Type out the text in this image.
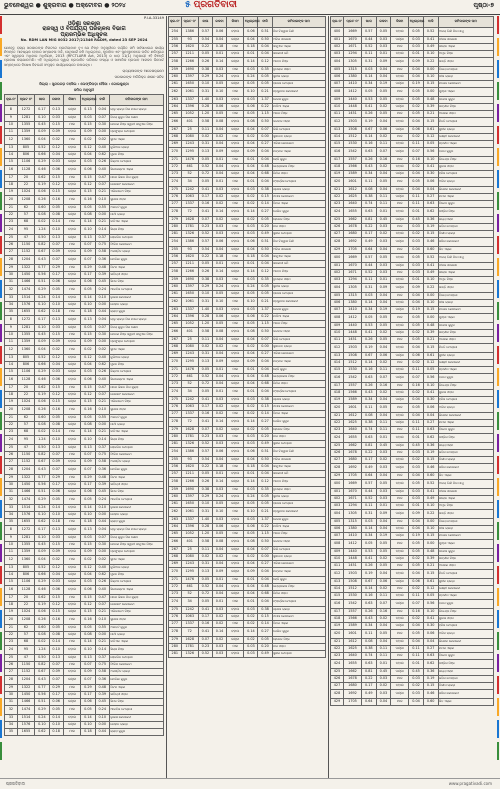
ଭୁବନେଶ୍ୱର ● ଶୁକ୍ରବାର ● ଅକ୍ଟୋବର ● ୨୦୨୪	୫ ପ୍ରଗତିବାଦୀ	ପୃଷ୍ଠା-୭
P.I.A-33149
ଓଡ଼ିଶା ସରକାର
ରାଜସ୍ୱ ଓ ବିପର୍ଯ୍ୟୟ ପରିଚାଳନା ବିଭାଗ
ପ୍ରାରମ୍ଭିକ ଅଧିସୂଚନା
No. RDM LAN MIG 0032 2017/21346 R&DM, dated 23 SEP 2024
ଯେହେତୁ ରାଜ୍ୟ ସରକାରଙ୍କ ନିକଟରେ ପ୍ରତୀୟମାନ ହୁଏ ଯେ ନିମ୍ନ ଅନୁସୂଚୀରେ ବର୍ଣ୍ଣିତ ଜମି ସର୍ବସାଧାରଣ କାର୍ଯ୍ୟ ନିମନ୍ତେ ଆବଶ୍ୟକ ହେବାର ସମ୍ଭାବନା ଅଛି, ସେଥିପାଇଁ ଜମି ଅଧିଗ୍ରହଣ, ପୁନର୍ବାସ ଏବଂ ପୁନଃସ୍ଥାପନରେ ଉଚିତ କ୍ଷତିପୂରଣ ଏବଂ ସ୍ୱଚ୍ଛତା ଅଧିକାର ଅଧିନିୟମ, 2013 (RFCTLARR Act, 2013) ର ଧାରା 11(1) ଅନୁଯାୟୀ ଏହି ବିଜ୍ଞପ୍ତି ପ୍ରକାଶ କରାଯାଉଅଛି। ଏହି ଅଧିଗ୍ରହଣ ଦ୍ୱାରା ପ୍ରଭାବିତ ପରିବାର ସଂଖ୍ୟା ଓ ସାମାଜିକ ପ୍ରଭାବ ଆକଳନ ରିପୋର୍ଟ ସମ୍ବନ୍ଧରେ ବିଶେଷ ବିବରଣୀ ସଂପୃକ୍ତ କାର୍ଯ୍ୟାଳୟରେ ଉପଲବ୍ଧ।
ରାଜ୍ୟପାଳଙ୍କ ଆଦେଶକ୍ରମେ
ସରକାରଙ୍କ ଅତିରିକ୍ତ ଶାସନ ସଚିବ
ଜିଲ୍ଲା : ସୁନ୍ଦରଗଡ଼ ତହସିଲ : ଲେଫ୍ରିପଡ଼ା ମୌଜା : ଗୋଲକୁଣ୍ଡା
ଜମିର ଅନୁସୂଚୀ
କ୍ର.ନଂ	ପ୍ଲଟ ନଂ	ଖାତା	ରକବା	କିସମ	ଅଧିଗ୍ରହଣ	ବାକି	ଜମିଦାରଙ୍କ ନାମ
8	1272	0.17	0.13	ଦଣ୍ଡା	0.13	0.04	ଲାଲୁ ଲାକଡ଼ା ପିତା ମାଗେ ଲାକଡ଼ା
9	1281	0.10	0.03	ଦଣ୍ଡା	0.03	0.07	ବିଜୟ କୁଜୁର ପିତା ସୋମା
10	1355	0.45	0.15	ମାଳ	0.15	0.30	ମେନକା ମିଞ୍ଜ ସ୍ୱାମୀ ସାମୁଏଲ ମିଞ୍ଜ
11	1359	0.09	0.09	ବହାଲ	0.09	0.00	ପ୍ରଫୁଲ୍ଲ ଟୋପ୍ପୋ
12	1360	0.04	0.02	ମାଳ	0.02	0.02	ସୁମନ ଏକ୍କା
13	805	0.52	0.12	ବହାଲ	0.12	0.40	ଜୁଲିଆନା ଲାକଡ଼ା
14	806	0.66	0.04	ଦଣ୍ଡା	0.04	0.62	ପୁରନ ମିଞ୍ଜ
15	1106	0.29	0.03	ଦଣ୍ଡା	0.03	0.26	ଭିକ୍ଟର ଟୋପ୍ପୋ
16	1128	0.46	0.06	ବହାଲ	0.06	0.40	ସିଲଭେସ୍ଟର ଏକ୍କା
17	20	0.62	0.15	ମାଳ	0.15	0.47	ମାଘେ କିସାନ ପିତା ଶୁକ୍ରା
18	22	0.19	0.12	ବହାଲ	0.12	0.07	ଜୋସେଫ କେରକେଟା
19	1024	0.06	0.15	ଦଣ୍ଡା	0.15	0.21	ଏଲିଜାବେଥ ମିଞ୍ଜ
20	1208	0.26	0.16	ମାଳ	0.16	0.10	ସୁରେଶ ଓରାମ
21	62	0.60	0.05	ବହାଲ	0.05	0.55	ଅଲବର୍ଟ କୁଜୁର
22	57	0.08	0.08	ଦଣ୍ଡା	0.08	0.00	ମାର୍ଥା ଲାକଡ଼ା
23	68	0.02	0.14	ମାଳ	0.14	0.21	ଦାନିଏଲ ଏକ୍କା
24	95	1.24	0.10	ବହାଲ	0.10	0.14	ସିଲାସ ମିଞ୍ଜ
25	47	0.50	0.13	ଦଣ୍ଡା	0.13	0.37	ରୋଜଲିନ ଟୋପ୍ପୋ
26	1150	0.82	0.07	ମାଳ	0.07	0.75	ଫିଲିପ କେରକେଟା
27	1152	0.67	0.09	ବହାଲ	0.09	0.58	ଅଗଷ୍ଟିନ ଲାକଡ଼ା
28	1204	0.43	0.07	ଦଣ୍ଡା	0.07	0.36	ମୋନିକା କୁଜୁର
29	1322	0.77	0.29	ମାଳ	0.29	0.48	ପିଟର ଏକ୍କା
30	1450	0.56	0.17	ବହାଲ	0.17	0.39	ସାବିତ୍ରୀ ଓରାମ
31	1466	0.51	0.06	ଦଣ୍ଡା	0.06	0.45	ସିମନ ମିଞ୍ଜ
32	1474	0.29	0.05	ମାଳ	0.05	0.24	ଆଲବିନା ଟୋପ୍ପୋ
33	1514	0.24	0.14	ବହାଲ	0.14	0.10	ଲୁକାସ କେରକେଟା
34	1576	0.10	0.10	ଦଣ୍ଡା	0.10	0.00	ଜୋହାନ ଲାକଡ଼ା
35	1655	0.62	0.18	ମାଳ	0.18	0.44	କ୍ଲାରା କୁଜୁର
8	1272	0.17	0.13	ଦଣ୍ଡା	0.13	0.04	ଲାଲୁ ଲାକଡ଼ା ପିତା ମାଗେ ଲାକଡ଼ା
9	1281	0.10	0.03	ଦଣ୍ଡା	0.03	0.07	ବିଜୟ କୁଜୁର ପିତା ସୋମା
10	1355	0.45	0.15	ମାଳ	0.15	0.30	ମେନକା ମିଞ୍ଜ ସ୍ୱାମୀ ସାମୁଏଲ ମିଞ୍ଜ
11	1359	0.09	0.09	ବହାଲ	0.09	0.00	ପ୍ରଫୁଲ୍ଲ ଟୋପ୍ପୋ
12	1360	0.04	0.02	ମାଳ	0.02	0.02	ସୁମନ ଏକ୍କା
13	805	0.52	0.12	ବହାଲ	0.12	0.40	ଜୁଲିଆନା ଲାକଡ଼ା
14	806	0.66	0.04	ଦଣ୍ଡା	0.04	0.62	ପୁରନ ମିଞ୍ଜ
15	1106	0.29	0.03	ଦଣ୍ଡା	0.03	0.26	ଭିକ୍ଟର ଟୋପ୍ପୋ
16	1128	0.46	0.06	ବହାଲ	0.06	0.40	ସିଲଭେସ୍ଟର ଏକ୍କା
17	20	0.62	0.15	ମାଳ	0.15	0.47	ମାଘେ କିସାନ ପିତା ଶୁକ୍ରା
18	22	0.19	0.12	ବହାଲ	0.12	0.07	ଜୋସେଫ କେରକେଟା
19	1024	0.06	0.15	ଦଣ୍ଡା	0.15	0.21	ଏଲିଜାବେଥ ମିଞ୍ଜ
20	1208	0.26	0.16	ମାଳ	0.16	0.10	ସୁରେଶ ଓରାମ
21	62	0.60	0.05	ବହାଲ	0.05	0.55	ଅଲବର୍ଟ କୁଜୁର
22	57	0.08	0.08	ଦଣ୍ଡା	0.08	0.00	ମାର୍ଥା ଲାକଡ଼ା
23	68	0.02	0.14	ମାଳ	0.14	0.21	ଦାନିଏଲ ଏକ୍କା
24	95	1.24	0.10	ବହାଲ	0.10	0.14	ସିଲାସ ମିଞ୍ଜ
25	47	0.50	0.13	ଦଣ୍ଡା	0.13	0.37	ରୋଜଲିନ ଟୋପ୍ପୋ
26	1150	0.82	0.07	ମାଳ	0.07	0.75	ଫିଲିପ କେରକେଟା
27	1152	0.67	0.09	ବହାଲ	0.09	0.58	ଅଗଷ୍ଟିନ ଲାକଡ଼ା
28	1204	0.43	0.07	ଦଣ୍ଡା	0.07	0.36	ମୋନିକା କୁଜୁର
29	1322	0.77	0.29	ମାଳ	0.29	0.48	ପିଟର ଏକ୍କା
30	1450	0.56	0.17	ବହାଲ	0.17	0.39	ସାବିତ୍ରୀ ଓରାମ
31	1466	0.51	0.06	ଦଣ୍ଡା	0.06	0.45	ସିମନ ମିଞ୍ଜ
32	1474	0.29	0.05	ମାଳ	0.05	0.24	ଆଲବିନା ଟୋପ୍ପୋ
33	1514	0.24	0.14	ବହାଲ	0.14	0.10	ଲୁକାସ କେରକେଟା
34	1576	0.10	0.10	ଦଣ୍ଡା	0.10	0.00	ଜୋହାନ ଲାକଡ଼ା
35	1655	0.62	0.18	ମାଳ	0.18	0.44	କ୍ଲାରା କୁଜୁର
8	1272	0.17	0.13	ଦଣ୍ଡା	0.13	0.04	ଲାଲୁ ଲାକଡ଼ା ପିତା ମାଗେ ଲାକଡ଼ା
9	1281	0.10	0.03	ଦଣ୍ଡା	0.03	0.07	ବିଜୟ କୁଜୁର ପିତା ସୋମା
10	1355	0.45	0.15	ମାଳ	0.15	0.30	ମେନକା ମିଞ୍ଜ ସ୍ୱାମୀ ସାମୁଏଲ ମିଞ୍ଜ
11	1359	0.09	0.09	ବହାଲ	0.09	0.00	ପ୍ରଫୁଲ୍ଲ ଟୋପ୍ପୋ
12	1360	0.04	0.02	ମାଳ	0.02	0.02	ସୁମନ ଏକ୍କା
13	805	0.52	0.12	ବହାଲ	0.12	0.40	ଜୁଲିଆନା ଲାକଡ଼ା
14	806	0.66	0.04	ଦଣ୍ଡା	0.04	0.62	ପୁରନ ମିଞ୍ଜ
15	1106	0.29	0.03	ଦଣ୍ଡା	0.03	0.26	ଭିକ୍ଟର ଟୋପ୍ପୋ
16	1128	0.46	0.06	ବହାଲ	0.06	0.40	ସିଲଭେସ୍ଟର ଏକ୍କା
17	20	0.62	0.15	ମାଳ	0.15	0.47	ମାଘେ କିସାନ ପିତା ଶୁକ୍ରା
18	22	0.19	0.12	ବହାଲ	0.12	0.07	ଜୋସେଫ କେରକେଟା
19	1024	0.06	0.15	ଦଣ୍ଡା	0.15	0.21	ଏଲିଜାବେଥ ମିଞ୍ଜ
20	1208	0.26	0.16	ମାଳ	0.16	0.10	ସୁରେଶ ଓରାମ
21	62	0.60	0.05	ବହାଲ	0.05	0.55	ଅଲବର୍ଟ କୁଜୁର
22	57	0.08	0.08	ଦଣ୍ଡା	0.08	0.00	ମାର୍ଥା ଲାକଡ଼ା
23	68	0.02	0.14	ମାଳ	0.14	0.21	ଦାନିଏଲ ଏକ୍କା
24	95	1.24	0.10	ବହାଲ	0.10	0.14	ସିଲାସ ମିଞ୍ଜ
25	47	0.50	0.13	ଦଣ୍ଡା	0.13	0.37	ରୋଜଲିନ ଟୋପ୍ପୋ
26	1150	0.82	0.07	ମାଳ	0.07	0.75	ଫିଲିପ କେରକେଟା
27	1152	0.67	0.09	ବହାଲ	0.09	0.58	ଅଗଷ୍ଟିନ ଲାକଡ଼ା
28	1204	0.43	0.07	ଦଣ୍ଡା	0.07	0.36	ମୋନିକା କୁଜୁର
29	1322	0.77	0.29	ମାଳ	0.29	0.48	ପିଟର ଏକ୍କା
30	1450	0.56	0.17	ବହାଲ	0.17	0.39	ସାବିତ୍ରୀ ଓରାମ
31	1466	0.51	0.06	ଦଣ୍ଡା	0.06	0.45	ସିମନ ମିଞ୍ଜ
32	1474	0.29	0.05	ମାଳ	0.05	0.24	ଆଲବିନା ଟୋପ୍ପୋ
33	1514	0.24	0.14	ବହାଲ	0.14	0.10	ଲୁକାସ କେରକେଟା
34	1576	0.10	0.10	ଦଣ୍ଡା	0.10	0.00	ଜୋହାନ ଲାକଡ଼ା
35	1655	0.62	0.18	ମାଳ	0.18	0.44	କ୍ଲାରା କୁଜୁର
କ୍ର.ନଂ	ପ୍ଲଟ ନଂ	ଖାତା	ରକବା	କିସମ	ଅଧିଗ୍ରହଣ	ବାକି	ଜମିଦାରଙ୍କ ନାମ
254	1386	0.57	0.06	ବହାଲ	0.06	0.51	ପିତା ବିଶ୍ୱାସ ତିର୍କୀ
255	93	0.54	0.04	ଦଣ୍ଡା	0.04	0.50	ଅନିଲ ଖାଲଖୋ
256	1620	0.22	0.18	ମାଳ	0.18	0.04	ସାମୁଏଲ ଏକ୍କା
257	1211	0.05	0.01	ବହାଲ	0.01	0.04	ସରକାରୀ ଜମି
258	1266	0.26	0.14	ଦଣ୍ଡା	0.14	0.12	ଅବେଦ ମିଞ୍ଜ
259	1690	0.38	0.03	ମାଳ	0.03	0.35	ରୂପଲାଲ ଓରାମ
260	1397	0.29	0.24	ବହାଲ	0.24	0.05	ସୁନୀତା ଲାକଡ଼ା
261	1650	0.10	0.05	ଦଣ୍ଡା	0.05	0.05	ରାଜେଶ ଟୋପ୍ପୋ
262	1061	0.31	0.10	ମାଳ	0.10	0.21	ପ୍ରଭୁଦାନ କେରକେଟା
263	1337	1.40	0.03	ବହାଲ	0.03	1.37	ଜେମସ କୁଜୁର
264	1396	0.28	0.06	ଦଣ୍ଡା	0.06	0.22	ମାରିଆ ଏକ୍କା
265	1052	1.20	0.05	ମାଳ	0.05	1.15	ଆନନ୍ଦ ମିଞ୍ଜ
266	401	0.58	0.08	ବହାଲ	0.08	0.50	ଭଗବାନ ଓରାମ
267	25	0.11	0.04	ଦଣ୍ଡା	0.04	0.07	ଲିଲି ଟୋପ୍ପୋ
268	1080	0.02	0.02	ମାଳ	0.02	0.00	ସୁଖଦେବ ଲାକଡ଼ା
269	1243	0.31	0.04	ବହାଲ	0.04	0.27	ଏଲିସା କେରକେଟା
270	1295	0.13	0.09	ଦଣ୍ଡା	0.09	0.04	ମଙ୍ଗଲ ଏକ୍କା
271	1476	0.05	0.01	ମାଳ	0.01	0.04	ରୋଜି କୁଜୁର
272	461	0.52	0.04	ବହାଲ	0.04	0.48	ଜୟପ୍ରକାଶ ମିଞ୍ଜ
273	52	0.72	0.04	ଦଣ୍ଡା	0.04	0.68	ନିର୍ମଳା ଓରାମ
274	34	0.05	0.01	ମାଳ	0.01	0.04	ଫ୍ରାନ୍ସିସ ଟୋପ୍ପୋ
275	1242	0.41	0.03	ବହାଲ	0.03	0.38	ଗ୍ରେସ ଲାକଡ଼ା
276	1063	0.17	0.02	ଦଣ୍ଡା	0.02	0.15	ଥମାସ କେରକେଟା
277	1337	0.16	0.02	ମାଳ	0.02	0.14	ବିମଳା ଏକ୍କା
278	72	0.41	0.14	ବହାଲ	0.14	0.27	ଡେଭିଡ କୁଜୁର
279	1628	0.07	0.02	ଦଣ୍ଡା	0.02	0.05	ହେଲେନ ମିଞ୍ଜ
280	1781	0.23	0.03	ମାଳ	0.03	0.20	ପଲ ଓରାମ
281	1326	0.52	0.03	ବହାଲ	0.03	0.49	ସୁସାନା ଟୋପ୍ପୋ
254	1386	0.57	0.06	ବହାଲ	0.06	0.51	ପିତା ବିଶ୍ୱାସ ତିର୍କୀ
255	93	0.54	0.04	ଦଣ୍ଡା	0.04	0.50	ଅନିଲ ଖାଲଖୋ
256	1620	0.22	0.18	ମାଳ	0.18	0.04	ସାମୁଏଲ ଏକ୍କା
257	1211	0.05	0.01	ବହାଲ	0.01	0.04	ସରକାରୀ ଜମି
258	1266	0.26	0.14	ଦଣ୍ଡା	0.14	0.12	ଅବେଦ ମିଞ୍ଜ
259	1690	0.38	0.03	ମାଳ	0.03	0.35	ରୂପଲାଲ ଓରାମ
260	1397	0.29	0.24	ବହାଲ	0.24	0.05	ସୁନୀତା ଲାକଡ଼ା
261	1650	0.10	0.05	ଦଣ୍ଡା	0.05	0.05	ରାଜେଶ ଟୋପ୍ପୋ
262	1061	0.31	0.10	ମାଳ	0.10	0.21	ପ୍ରଭୁଦାନ କେରକେଟା
263	1337	1.40	0.03	ବହାଲ	0.03	1.37	ଜେମସ କୁଜୁର
264	1396	0.28	0.06	ଦଣ୍ଡା	0.06	0.22	ମାରିଆ ଏକ୍କା
265	1052	1.20	0.05	ମାଳ	0.05	1.15	ଆନନ୍ଦ ମିଞ୍ଜ
266	401	0.58	0.08	ବହାଲ	0.08	0.50	ଭଗବାନ ଓରାମ
267	25	0.11	0.04	ଦଣ୍ଡା	0.04	0.07	ଲିଲି ଟୋପ୍ପୋ
268	1080	0.02	0.02	ମାଳ	0.02	0.00	ସୁଖଦେବ ଲାକଡ଼ା
269	1243	0.31	0.04	ବହାଲ	0.04	0.27	ଏଲିସା କେରକେଟା
270	1295	0.13	0.09	ଦଣ୍ଡା	0.09	0.04	ମଙ୍ଗଲ ଏକ୍କା
271	1476	0.05	0.01	ମାଳ	0.01	0.04	ରୋଜି କୁଜୁର
272	461	0.52	0.04	ବହାଲ	0.04	0.48	ଜୟପ୍ରକାଶ ମିଞ୍ଜ
273	52	0.72	0.04	ଦଣ୍ଡା	0.04	0.68	ନିର୍ମଳା ଓରାମ
274	34	0.05	0.01	ମାଳ	0.01	0.04	ଫ୍ରାନ୍ସିସ ଟୋପ୍ପୋ
275	1242	0.41	0.03	ବହାଲ	0.03	0.38	ଗ୍ରେସ ଲାକଡ଼ା
276	1063	0.17	0.02	ଦଣ୍ଡା	0.02	0.15	ଥମାସ କେରକେଟା
277	1337	0.16	0.02	ମାଳ	0.02	0.14	ବିମଳା ଏକ୍କା
278	72	0.41	0.14	ବହାଲ	0.14	0.27	ଡେଭିଡ କୁଜୁର
279	1628	0.07	0.02	ଦଣ୍ଡା	0.02	0.05	ହେଲେନ ମିଞ୍ଜ
280	1781	0.23	0.03	ମାଳ	0.03	0.20	ପଲ ଓରାମ
281	1326	0.52	0.03	ବହାଲ	0.03	0.49	ସୁସାନା ଟୋପ୍ପୋ
254	1386	0.57	0.06	ବହାଲ	0.06	0.51	ପିତା ବିଶ୍ୱାସ ତିର୍କୀ
255	93	0.54	0.04	ଦଣ୍ଡା	0.04	0.50	ଅନିଲ ଖାଲଖୋ
256	1620	0.22	0.18	ମାଳ	0.18	0.04	ସାମୁଏଲ ଏକ୍କା
257	1211	0.05	0.01	ବହାଲ	0.01	0.04	ସରକାରୀ ଜମି
258	1266	0.26	0.14	ଦଣ୍ଡା	0.14	0.12	ଅବେଦ ମିଞ୍ଜ
259	1690	0.38	0.03	ମାଳ	0.03	0.35	ରୂପଲାଲ ଓରାମ
260	1397	0.29	0.24	ବହାଲ	0.24	0.05	ସୁନୀତା ଲାକଡ଼ା
261	1650	0.10	0.05	ଦଣ୍ଡା	0.05	0.05	ରାଜେଶ ଟୋପ୍ପୋ
262	1061	0.31	0.10	ମାଳ	0.10	0.21	ପ୍ରଭୁଦାନ କେରକେଟା
263	1337	1.40	0.03	ବହାଲ	0.03	1.37	ଜେମସ କୁଜୁର
264	1396	0.28	0.06	ଦଣ୍ଡା	0.06	0.22	ମାରିଆ ଏକ୍କା
265	1052	1.20	0.05	ମାଳ	0.05	1.15	ଆନନ୍ଦ ମିଞ୍ଜ
266	401	0.58	0.08	ବହାଲ	0.08	0.50	ଭଗବାନ ଓରାମ
267	25	0.11	0.04	ଦଣ୍ଡା	0.04	0.07	ଲିଲି ଟୋପ୍ପୋ
268	1080	0.02	0.02	ମାଳ	0.02	0.00	ସୁଖଦେବ ଲାକଡ଼ା
269	1243	0.31	0.04	ବହାଲ	0.04	0.27	ଏଲିସା କେରକେଟା
270	1295	0.13	0.09	ଦଣ୍ଡା	0.09	0.04	ମଙ୍ଗଲ ଏକ୍କା
271	1476	0.05	0.01	ମାଳ	0.01	0.04	ରୋଜି କୁଜୁର
272	461	0.52	0.04	ବହାଲ	0.04	0.48	ଜୟପ୍ରକାଶ ମିଞ୍ଜ
273	52	0.72	0.04	ଦଣ୍ଡା	0.04	0.68	ନିର୍ମଳା ଓରାମ
274	34	0.05	0.01	ମାଳ	0.01	0.04	ଫ୍ରାନ୍ସିସ ଟୋପ୍ପୋ
275	1242	0.41	0.03	ବହାଲ	0.03	0.38	ଗ୍ରେସ ଲାକଡ଼ା
276	1063	0.17	0.02	ଦଣ୍ଡା	0.02	0.15	ଥମାସ କେରକେଟା
277	1337	0.16	0.02	ମାଳ	0.02	0.14	ବିମଳା ଏକ୍କା
278	72	0.41	0.14	ବହାଲ	0.14	0.27	ଡେଭିଡ କୁଜୁର
279	1628	0.07	0.02	ଦଣ୍ଡା	0.02	0.05	ହେଲେନ ମିଞ୍ଜ
280	1781	0.23	0.03	ମାଳ	0.03	0.20	ପଲ ଓରାମ
281	1326	0.52	0.03	ବହାଲ	0.03	0.49	ସୁସାନା ଟୋପ୍ପୋ
କ୍ର.ନଂ	ପ୍ଲଟ ନଂ	ଖାତା	ରକବା	କିସମ	ଅଧିଗ୍ରହଣ	ବାକି	ଜମିଦାରଙ୍କ ନାମ
400	1669	0.57	0.05	ବହାଲ	0.05	0.52	ଅଜୟ ତିର୍କୀ ପିତା ମାଗୁ
401	1670	0.44	0.03	ଦଣ୍ଡା	0.03	0.41	ଦୀପକ ଖାଲଖୋ
402	1671	0.52	0.03	ମାଳ	0.03	0.49	ସରୋଜ ଏକ୍କା
403	1294	0.11	0.01	ବହାଲ	0.01	0.10	ଅମୃତ ମିଞ୍ଜ
404	1305	0.31	0.09	ଦଣ୍ଡା	0.09	0.22	ଶାନ୍ତି ଓରାମ
405	1315	0.03	0.04	ମାଳ	0.04	0.00	ବିଜୟ ଟୋପ୍ପୋ
406	1380	0.14	0.04	ବହାଲ	0.04	0.10	ରୀତା ଲାକଡ଼ା
407	1410	0.34	0.19	ଦଣ୍ଡା	0.19	0.15	ମନୋଜ କେରକେଟା
408	1412	0.05	0.05	ମାଳ	0.05	0.00	ପୁଷ୍ପା ଏକ୍କା
409	1440	0.53	0.05	ବହାଲ	0.05	0.48	ରମେଶ କୁଜୁର
410	1448	0.41	0.02	ଦଣ୍ଡା	0.02	0.39	ସଙ୍ଗୀତା ମିଞ୍ଜ
411	1451	0.26	0.05	ମାଳ	0.05	0.21	ଅଶୋକ ଓରାମ
412	1503	0.19	0.04	ବହାଲ	0.04	0.15	ମିନତି ଟୋପ୍ପୋ
413	1508	0.67	0.06	ଦଣ୍ଡା	0.06	0.61	ସୁଧୀର ଲାକଡ଼ା
414	1512	0.14	0.02	ମାଳ	0.02	0.12	ଲକ୍ଷ୍ମୀ କେରକେଟା
415	1530	0.16	0.11	ବହାଲ	0.11	0.05	ପ୍ରଦୀପ ଏକ୍କା
416	1542	0.63	0.07	ଦଣ୍ଡା	0.07	0.56	ବନ୍ଦନା କୁଜୁର
417	1557	0.26	0.16	ମାଳ	0.16	0.10	ଜିତେନ୍ଦ୍ର ମିଞ୍ଜ
418	1566	0.43	0.02	ବହାଲ	0.02	0.41	ସୁଜାତା ଓରାମ
419	1589	0.34	0.04	ଦଣ୍ଡା	0.04	0.30	ହରିଶ ଟୋପ୍ପୋ
420	1601	0.11	0.05	ମାଳ	0.05	0.06	ଅନିତା ଲାକଡ଼ା
421	1612	0.08	0.04	ବହାଲ	0.04	0.04	କିଶୋର କେରକେଟା
422	1625	0.38	0.11	ଦଣ୍ଡା	0.11	0.27	ମମତା ଏକ୍କା
423	1640	0.74	0.11	ମାଳ	0.11	0.63	ବିନୋଦ କୁଜୁର
424	1655	0.63	0.01	ବହାଲ	0.01	0.62	ରଞ୍ଜିତା ମିଞ୍ଜ
425	1662	0.81	0.45	ଦଣ୍ଡା	0.45	0.36	ସତ୍ୟ ଓରାମ
426	1678	0.22	0.03	ମାଳ	0.03	0.19	କବିତା ଟୋପ୍ପୋ
427	1680	0.17	0.02	ବହାଲ	0.02	0.15	ଦିଲୀପ ଲାକଡ଼ା
428	1692	0.49	0.03	ଦଣ୍ଡା	0.03	0.46	ସରିତା କେରକେଟା
429	1705	0.64	0.04	ମାଳ	0.04	0.60	ଶିବ ଏକ୍କା
400	1669	0.57	0.05	ବହାଲ	0.05	0.52	ଅଜୟ ତିର୍କୀ ପିତା ମାଗୁ
401	1670	0.44	0.03	ଦଣ୍ଡା	0.03	0.41	ଦୀପକ ଖାଲଖୋ
402	1671	0.52	0.03	ମାଳ	0.03	0.49	ସରୋଜ ଏକ୍କା
403	1294	0.11	0.01	ବହାଲ	0.01	0.10	ଅମୃତ ମିଞ୍ଜ
404	1305	0.31	0.09	ଦଣ୍ଡା	0.09	0.22	ଶାନ୍ତି ଓରାମ
405	1315	0.03	0.04	ମାଳ	0.04	0.00	ବିଜୟ ଟୋପ୍ପୋ
406	1380	0.14	0.04	ବହାଲ	0.04	0.10	ରୀତା ଲାକଡ଼ା
407	1410	0.34	0.19	ଦଣ୍ଡା	0.19	0.15	ମନୋଜ କେରକେଟା
408	1412	0.05	0.05	ମାଳ	0.05	0.00	ପୁଷ୍ପା ଏକ୍କା
409	1440	0.53	0.05	ବହାଲ	0.05	0.48	ରମେଶ କୁଜୁର
410	1448	0.41	0.02	ଦଣ୍ଡା	0.02	0.39	ସଙ୍ଗୀତା ମିଞ୍ଜ
411	1451	0.26	0.05	ମାଳ	0.05	0.21	ଅଶୋକ ଓରାମ
412	1503	0.19	0.04	ବହାଲ	0.04	0.15	ମିନତି ଟୋପ୍ପୋ
413	1508	0.67	0.06	ଦଣ୍ଡା	0.06	0.61	ସୁଧୀର ଲାକଡ଼ା
414	1512	0.14	0.02	ମାଳ	0.02	0.12	ଲକ୍ଷ୍ମୀ କେରକେଟା
415	1530	0.16	0.11	ବହାଲ	0.11	0.05	ପ୍ରଦୀପ ଏକ୍କା
416	1542	0.63	0.07	ଦଣ୍ଡା	0.07	0.56	ବନ୍ଦନା କୁଜୁର
417	1557	0.26	0.16	ମାଳ	0.16	0.10	ଜିତେନ୍ଦ୍ର ମିଞ୍ଜ
418	1566	0.43	0.02	ବହାଲ	0.02	0.41	ସୁଜାତା ଓରାମ
419	1589	0.34	0.04	ଦଣ୍ଡା	0.04	0.30	ହରିଶ ଟୋପ୍ପୋ
420	1601	0.11	0.05	ମାଳ	0.05	0.06	ଅନିତା ଲାକଡ଼ା
421	1612	0.08	0.04	ବହାଲ	0.04	0.04	କିଶୋର କେରକେଟା
422	1625	0.38	0.11	ଦଣ୍ଡା	0.11	0.27	ମମତା ଏକ୍କା
423	1640	0.74	0.11	ମାଳ	0.11	0.63	ବିନୋଦ କୁଜୁର
424	1655	0.63	0.01	ବହାଲ	0.01	0.62	ରଞ୍ଜିତା ମିଞ୍ଜ
425	1662	0.81	0.45	ଦଣ୍ଡା	0.45	0.36	ସତ୍ୟ ଓରାମ
426	1678	0.22	0.03	ମାଳ	0.03	0.19	କବିତା ଟୋପ୍ପୋ
427	1680	0.17	0.02	ବହାଲ	0.02	0.15	ଦିଲୀପ ଲାକଡ଼ା
428	1692	0.49	0.03	ଦଣ୍ଡା	0.03	0.46	ସରିତା କେରକେଟା
429	1705	0.64	0.04	ମାଳ	0.04	0.60	ଶିବ ଏକ୍କା
400	1669	0.57	0.05	ବହାଲ	0.05	0.52	ଅଜୟ ତିର୍କୀ ପିତା ମାଗୁ
401	1670	0.44	0.03	ଦଣ୍ଡା	0.03	0.41	ଦୀପକ ଖାଲଖୋ
402	1671	0.52	0.03	ମାଳ	0.03	0.49	ସରୋଜ ଏକ୍କା
403	1294	0.11	0.01	ବହାଲ	0.01	0.10	ଅମୃତ ମିଞ୍ଜ
404	1305	0.31	0.09	ଦଣ୍ଡା	0.09	0.22	ଶାନ୍ତି ଓରାମ
405	1315	0.03	0.04	ମାଳ	0.04	0.00	ବିଜୟ ଟୋପ୍ପୋ
406	1380	0.14	0.04	ବହାଲ	0.04	0.10	ରୀତା ଲାକଡ଼ା
407	1410	0.34	0.19	ଦଣ୍ଡା	0.19	0.15	ମନୋଜ କେରକେଟା
408	1412	0.05	0.05	ମାଳ	0.05	0.00	ପୁଷ୍ପା ଏକ୍କା
409	1440	0.53	0.05	ବହାଲ	0.05	0.48	ରମେଶ କୁଜୁର
410	1448	0.41	0.02	ଦଣ୍ଡା	0.02	0.39	ସଙ୍ଗୀତା ମିଞ୍ଜ
411	1451	0.26	0.05	ମାଳ	0.05	0.21	ଅଶୋକ ଓରାମ
412	1503	0.19	0.04	ବହାଲ	0.04	0.15	ମିନତି ଟୋପ୍ପୋ
413	1508	0.67	0.06	ଦଣ୍ଡା	0.06	0.61	ସୁଧୀର ଲାକଡ଼ା
414	1512	0.14	0.02	ମାଳ	0.02	0.12	ଲକ୍ଷ୍ମୀ କେରକେଟା
415	1530	0.16	0.11	ବହାଲ	0.11	0.05	ପ୍ରଦୀପ ଏକ୍କା
416	1542	0.63	0.07	ଦଣ୍ଡା	0.07	0.56	ବନ୍ଦନା କୁଜୁର
417	1557	0.26	0.16	ମାଳ	0.16	0.10	ଜିତେନ୍ଦ୍ର ମିଞ୍ଜ
418	1566	0.43	0.02	ବହାଲ	0.02	0.41	ସୁଜାତା ଓରାମ
419	1589	0.34	0.04	ଦଣ୍ଡା	0.04	0.30	ହରିଶ ଟୋପ୍ପୋ
420	1601	0.11	0.05	ମାଳ	0.05	0.06	ଅନିତା ଲାକଡ଼ା
421	1612	0.08	0.04	ବହାଲ	0.04	0.04	କିଶୋର କେରକେଟା
422	1625	0.38	0.11	ଦଣ୍ଡା	0.11	0.27	ମମତା ଏକ୍କା
423	1640	0.74	0.11	ମାଳ	0.11	0.63	ବିନୋଦ କୁଜୁର
424	1655	0.63	0.01	ବହାଲ	0.01	0.62	ରଞ୍ଜିତା ମିଞ୍ଜ
425	1662	0.81	0.45	ଦଣ୍ଡା	0.45	0.36	ସତ୍ୟ ଓରାମ
426	1678	0.22	0.03	ମାଳ	0.03	0.19	କବିତା ଟୋପ୍ପୋ
427	1680	0.17	0.02	ବହାଲ	0.02	0.15	ଦିଲୀପ ଲାକଡ଼ା
428	1692	0.49	0.03	ଦଣ୍ଡା	0.03	0.46	ସରିତା କେରକେଟା
429	1705	0.64	0.04	ମାଳ	0.04	0.60	ଶିବ ଏକ୍କା
ପ୍ରଗତିବାଦୀ	www.pragativadi.com
